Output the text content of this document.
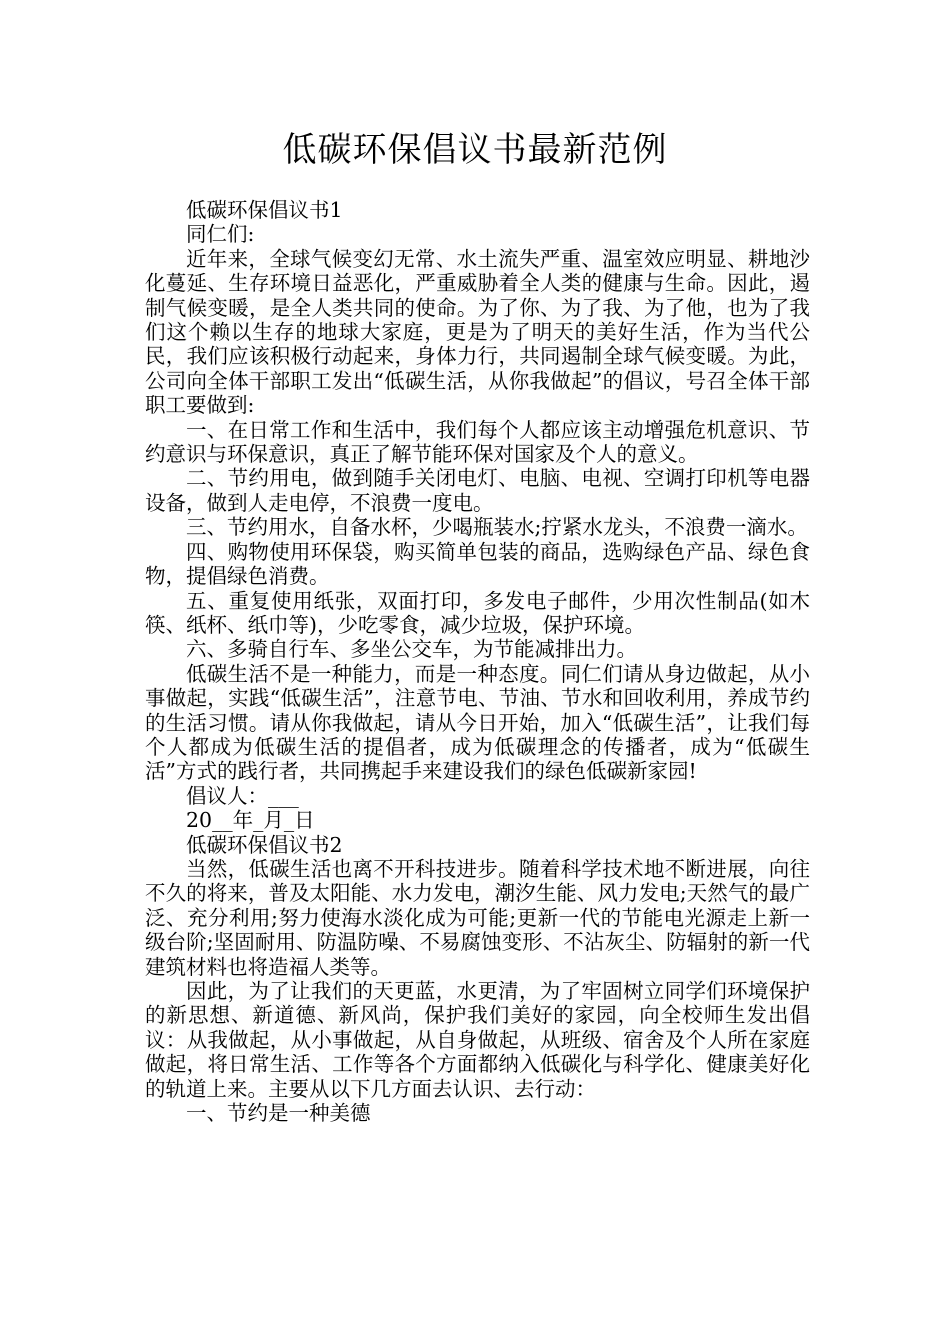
低碳环保倡议书最新范例

低碳环保倡议书1

同仁们:

近年来，全球气候变幻无常、水土流失严重、温室效应明显、耕地沙化蔓延、生存环境日益恶化，严重威胁着全人类的健康与生命。因此，遏制气候变暖，是全人类共同的使命。为了你、为了我、为了他，也为了我们这个赖以生存的地球大家庭，更是为了明天的美好生活，作为当代公民，我们应该积极行动起来，身体力行，共同遏制全球气候变暖。为此，公司向全体干部职工发出“低碳生活，从你我做起”的倡议，号召全体干部职工要做到:

一、在日常工作和生活中，我们每个人都应该主动增强危机意识、节约意识与环保意识，真正了解节能环保对国家及个人的意义。

二、节约用电，做到随手关闭电灯、电脑、电视、空调打印机等电器设备，做到人走电停，不浪费一度电。

三、节约用水，自备水杯，少喝瓶装水;拧紧水龙头，不浪费一滴水。

四、购物使用环保袋，购买简单包装的商品，选购绿色产品、绿色食物，提倡绿色消费。

五、重复使用纸张，双面打印，多发电子邮件，少用次性制品(如木筷、纸杯、纸巾等)，少吃零食，减少垃圾，保护环境。

六、多骑自行车、多坐公交车，为节能减排出力。

低碳生活不是一种能力，而是一种态度。同仁们请从身边做起，从小事做起，实践“低碳生活”，注意节电、节油、节水和回收利用，养成节约的生活习惯。请从你我做起，请从今日开始，加入“低碳生活”，让我们每个人都成为低碳生活的提倡者，成为低碳理念的传播者，成为“低碳生活”方式的践行者，共同携起手来建设我们的绿色低碳新家园!

倡议人：___

20__年_月_日

低碳环保倡议书2

当然，低碳生活也离不开科技进步。随着科学技术地不断进展，向往不久的将来，普及太阳能、水力发电，潮汐生能、风力发电;天然气的最广泛、充分利用;努力使海水淡化成为可能;更新一代的节能电光源走上新一级台阶;坚固耐用、防温防噪、不易腐蚀变形、不沾灰尘、防辐射的新一代建筑材料也将造福人类等。

因此，为了让我们的天更蓝，水更清，为了牢固树立同学们环境保护的新思想、新道德、新风尚，保护我们美好的家园，向全校师生发出倡议：从我做起，从小事做起，从自身做起，从班级、宿舍及个人所在家庭做起，将日常生活、工作等各个方面都纳入低碳化与科学化、健康美好化的轨道上来。主要从以下几方面去认识、去行动：

一、节约是一种美德
